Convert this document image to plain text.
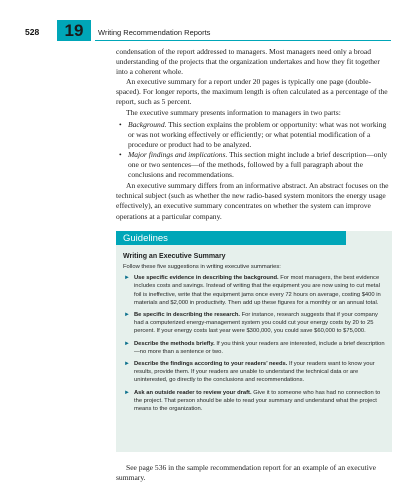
528	19	Writing Recommendation Reports

condensation of the report addressed to managers. Most managers need only a broad understanding of the projects that the organization undertakes and how they fit together into a coherent whole.

An executive summary for a report under 20 pages is typically one page (double-spaced). For longer reports, the maximum length is often calculated as a percentage of the report, such as 5 percent.

The executive summary presents information to managers in two parts:

• Background. This section explains the problem or opportunity: what was not working or was not working effectively or efficiently; or what potential modification of a procedure or product had to be analyzed.
• Major findings and implications. This section might include a brief description—only one or two sentences—of the methods, followed by a full paragraph about the conclusions and recommendations.

An executive summary differs from an informative abstract. An abstract focuses on the technical subject (such as whether the new radio-based system monitors the energy usage effectively), an executive summary concentrates on whether the system can improve operations at a particular company.

Guidelines
Writing an Executive Summary
Follow these five suggestions in writing executive summaries:
► Use specific evidence in describing the background. For most managers, the best evidence includes costs and savings. Instead of writing that the equipment you are now using to cut metal foil is ineffective, write that the equipment jams once every 72 hours on average, costing $400 in materials and $2,000 in productivity. Then add up these figures for a monthly or an annual total.
► Be specific in describing the research. For instance, research suggests that if your company had a computerized energy-management system you could cut your energy costs by 20 to 25 percent. If your energy costs last year were $300,000, you could save $60,000 to $75,000.
► Describe the methods briefly. If you think your readers are interested, include a brief description—no more than a sentence or two.
► Describe the findings according to your readers’ needs. If your readers want to know your results, provide them. If your readers are unable to understand the technical data or are uninterested, go directly to the conclusions and recommendations.
► Ask an outside reader to review your draft. Give it to someone who has had no connection to the project. That person should be able to read your summary and understand what the project means to the organization.

See page 536 in the sample recommendation report for an example of an executive summary.
